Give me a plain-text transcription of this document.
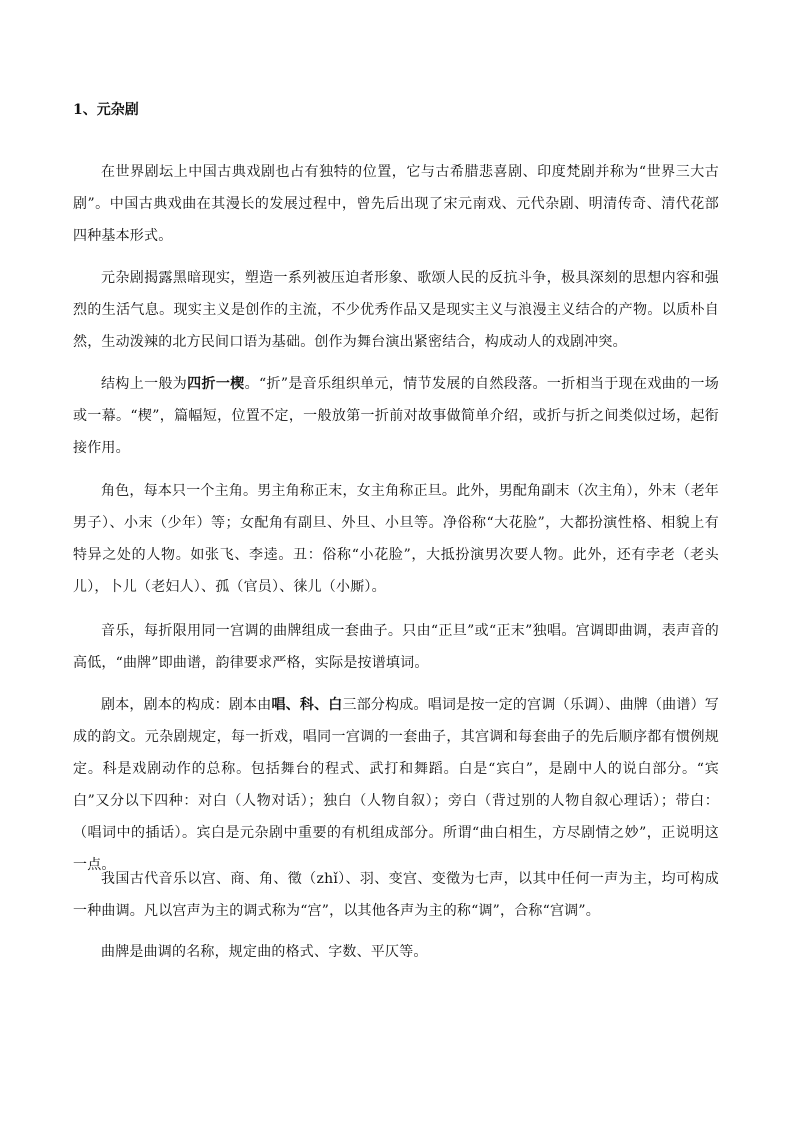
1、元杂剧

在世界剧坛上中国古典戏剧也占有独特的位置，它与古希腊悲喜剧、印度梵剧并称为“世界三大古剧”。中国古典戏曲在其漫长的发展过程中，曾先后出现了宋元南戏、元代杂剧、明清传奇、清代花部四种基本形式。

元杂剧揭露黑暗现实，塑造一系列被压迫者形象、歌颂人民的反抗斗争，极具深刻的思想内容和强烈的生活气息。现实主义是创作的主流，不少优秀作品又是现实主义与浪漫主义结合的产物。以质朴自然，生动泼辣的北方民间口语为基础。创作为舞台演出紧密结合，构成动人的戏剧冲突。

结构上一般为四折一楔。“折”是音乐组织单元，情节发展的自然段落。一折相当于现在戏曲的一场或一幕。“楔”，篇幅短，位置不定，一般放第一折前对故事做简单介绍，或折与折之间类似过场，起衔接作用。

角色，每本只一个主角。男主角称正末，女主角称正旦。此外，男配角副末（次主角），外末（老年男子）、小末（少年）等；女配角有副旦、外旦、小旦等。净俗称“大花脸”，大都扮演性格、相貌上有特异之处的人物。如张飞、李逵。丑：俗称“小花脸”，大抵扮演男次要人物。此外，还有孛老（老头儿），卜儿（老妇人）、孤（官员）、徕儿（小厮）。

音乐，每折限用同一宫调的曲牌组成一套曲子。只由“正旦”或“正末”独唱。宫调即曲调，表声音的高低，“曲牌”即曲谱，韵律要求严格，实际是按谱填词。

剧本，剧本的构成：剧本由唱、科、白三部分构成。唱词是按一定的宫调（乐调）、曲牌（曲谱）写成的韵文。元杂剧规定，每一折戏，唱同一宫调的一套曲子，其宫调和每套曲子的先后顺序都有惯例规定。科是戏剧动作的总称。包括舞台的程式、武打和舞蹈。白是“宾白”，是剧中人的说白部分。“宾白”又分以下四种：对白（人物对话）；独白（人物自叙）；旁白（背过别的人物自叙心理话）；带白：（唱词中的插话）。宾白是元杂剧中重要的有机组成部分。所谓“曲白相生，方尽剧情之妙”，正说明这一点。

我国古代音乐以宫、商、角、徵（zhǐ）、羽、变宫、变徵为七声，以其中任何一声为主，均可构成一种曲调。凡以宫声为主的调式称为“宫”，以其他各声为主的称“调”，合称“宫调”。

曲牌是曲调的名称，规定曲的格式、字数、平仄等。
